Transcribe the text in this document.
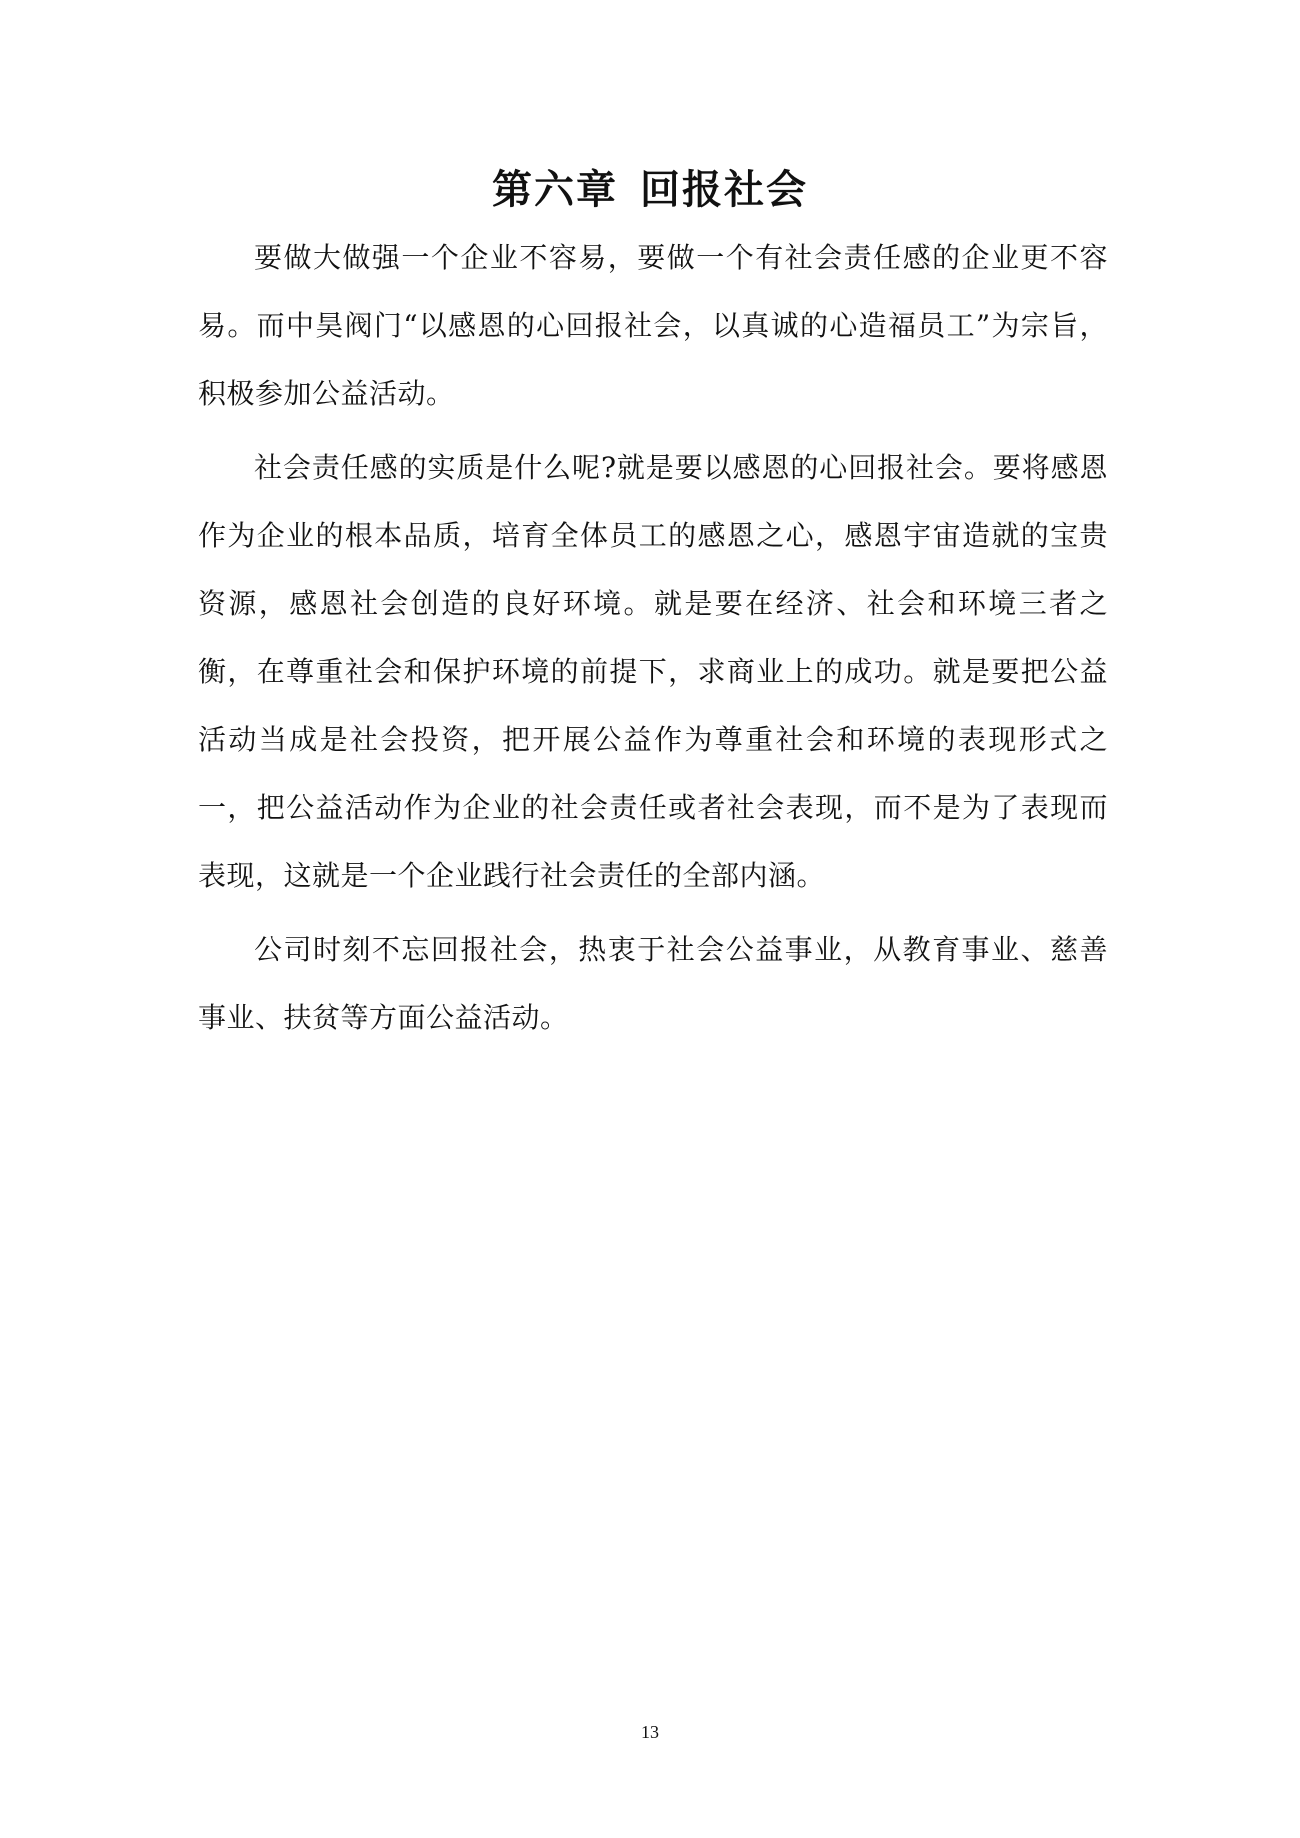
第六章 回报社会

要做大做强一个企业不容易，要做一个有社会责任感的企业更不容易。而中昊阀门“以感恩的心回报社会，以真诚的心造福员工”为宗旨，积极参加公益活动。

社会责任感的实质是什么呢?就是要以感恩的心回报社会。要将感恩作为企业的根本品质，培育全体员工的感恩之心，感恩宇宙造就的宝贵资源，感恩社会创造的良好环境。就是要在经济、社会和环境三者之衡，在尊重社会和保护环境的前提下，求商业上的成功。就是要把公益活动当成是社会投资，把开展公益作为尊重社会和环境的表现形式之一，把公益活动作为企业的社会责任或者社会表现，而不是为了表现而表现，这就是一个企业践行社会责任的全部内涵。

公司时刻不忘回报社会，热衷于社会公益事业，从教育事业、慈善事业、扶贫等方面公益活动。

13
